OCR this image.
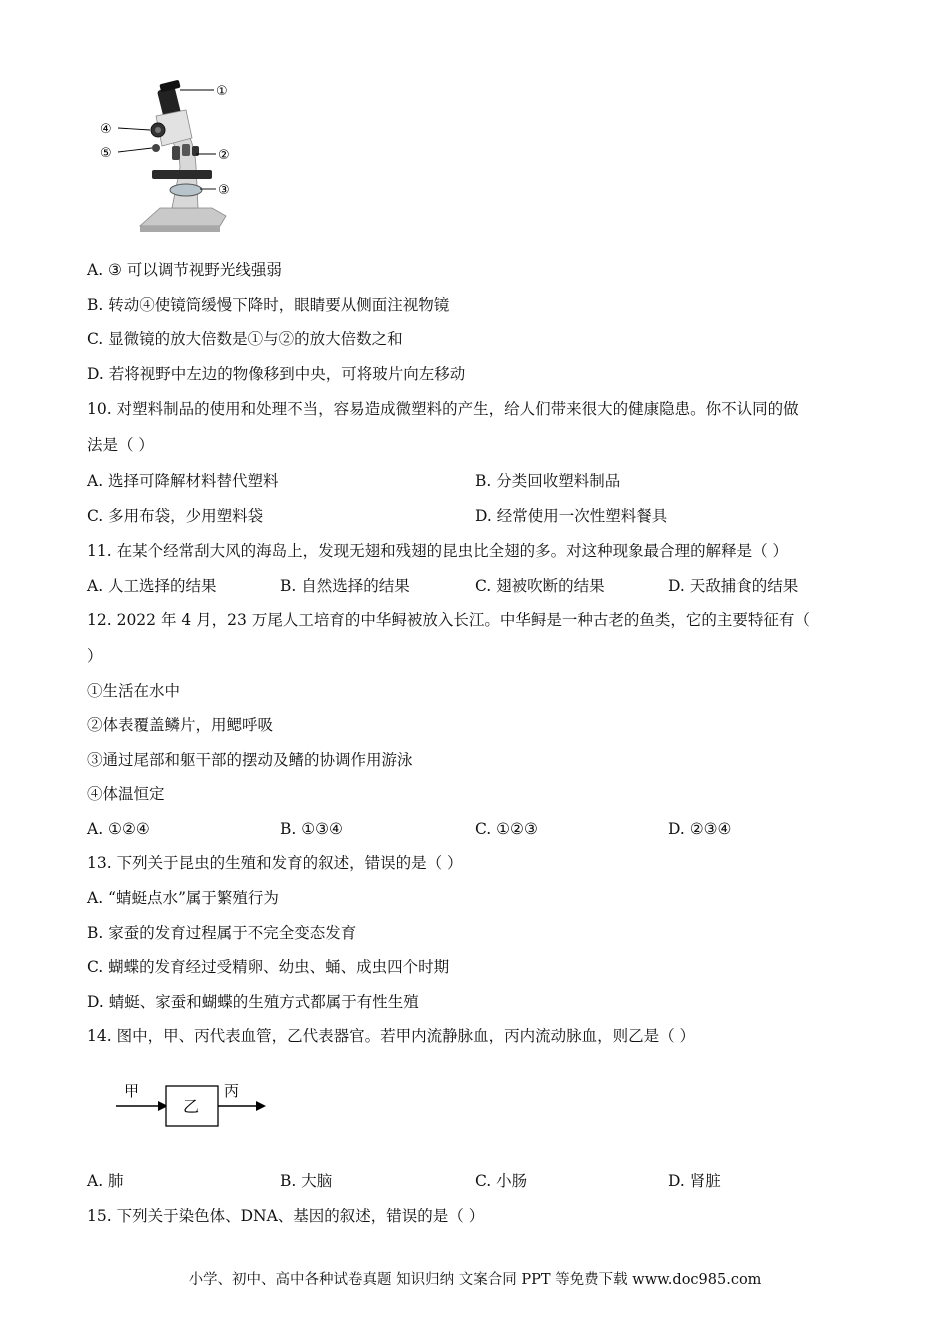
①
②
③
④
⑤
A. ③ 可以调节视野光线强弱
B. 转动④使镜筒缓慢下降时，眼睛要从侧面注视物镜
C. 显微镜的放大倍数是①与②的放大倍数之和
D. 若将视野中左边的物像移到中央，可将玻片向左移动
10. 对塑料制品的使用和处理不当，容易造成微塑料的产生，给人们带来很大的健康隐患。你不认同的做
法是（ ）
A. 选择可降解材料替代塑料	B. 分类回收塑料制品
C. 多用布袋，少用塑料袋	D. 经常使用一次性塑料餐具
11. 在某个经常刮大风的海岛上，发现无翅和残翅的昆虫比全翅的多。对这种现象最合理的解释是（ ）
A. 人工选择的结果	B. 自然选择的结果	C. 翅被吹断的结果	D. 天敌捕食的结果
12. 2022 年 4 月，23 万尾人工培育的中华鲟被放入长江。中华鲟是一种古老的鱼类，它的主要特征有（
）
①生活在水中
②体表覆盖鳞片，用鳃呼吸
③通过尾部和躯干部的摆动及鳍的协调作用游泳
④体温恒定
A. ①②④	B. ①③④	C. ①②③	D. ②③④
13. 下列关于昆虫的生殖和发育的叙述，错误的是（ ）
A. “蜻蜓点水”属于繁殖行为
B. 家蚕的发育过程属于不完全变态发育
C. 蝴蝶的发育经过受精卵、幼虫、蛹、成虫四个时期
D. 蜻蜓、家蚕和蝴蝶的生殖方式都属于有性生殖
14. 图中，甲、丙代表血管，乙代表器官。若甲内流静脉血，丙内流动脉血，则乙是（ ）
甲
乙
丙
A. 肺	B. 大脑	C. 小肠	D. 肾脏
15. 下列关于染色体、DNA、基因的叙述，错误的是（ ）
小学、初中、高中各种试卷真题 知识归纳 文案合同 PPT 等免费下载 www.doc985.com
